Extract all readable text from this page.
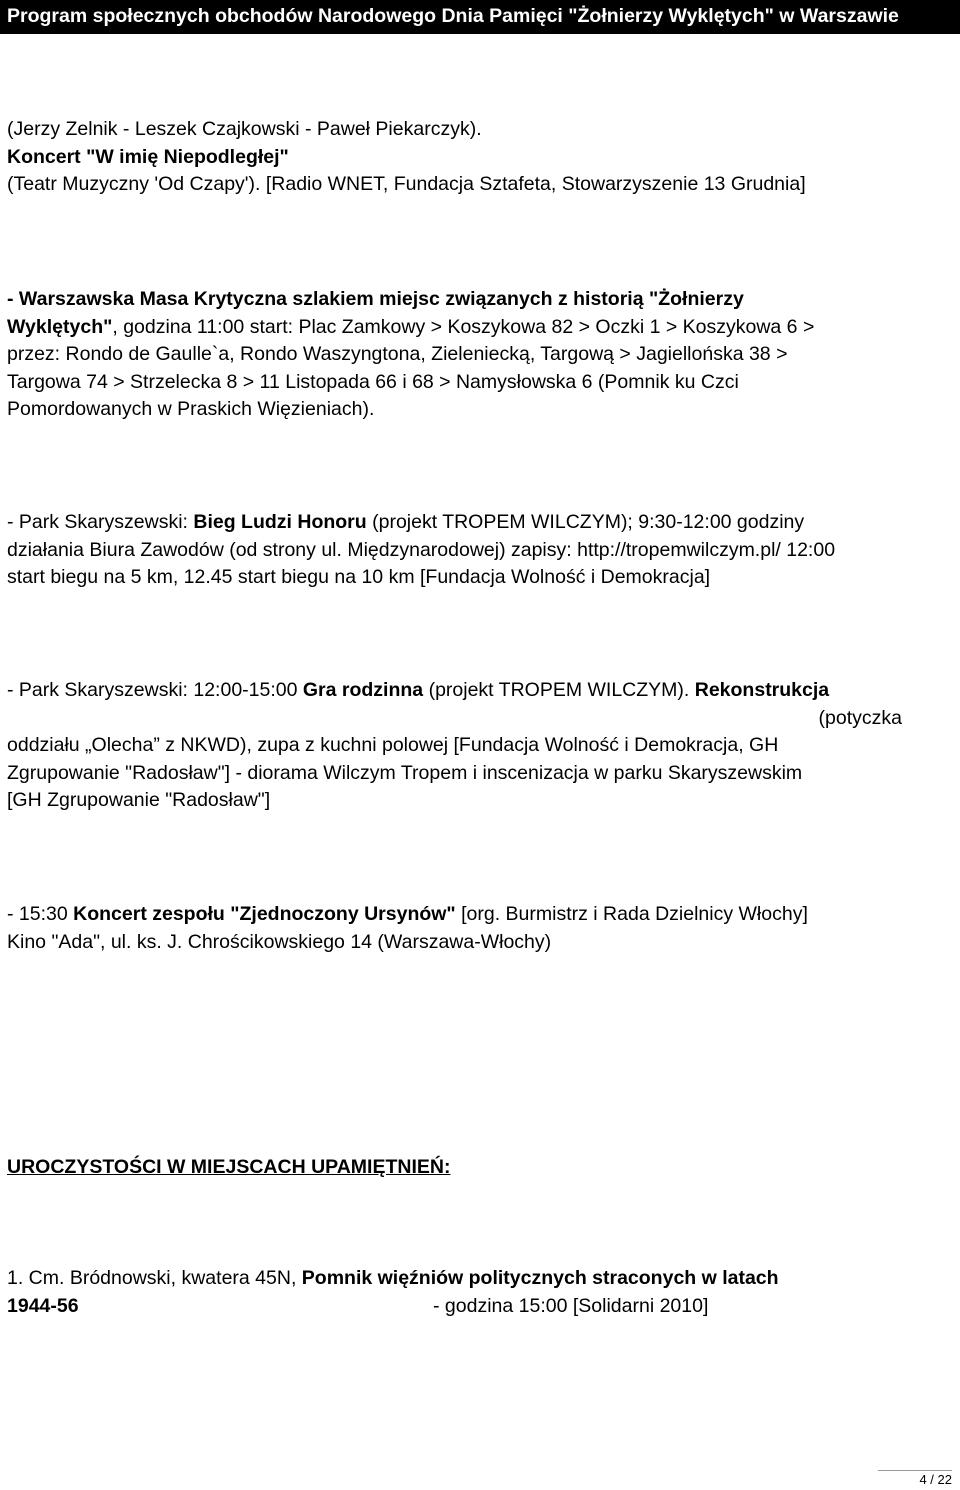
Program społecznych obchodów Narodowego Dnia Pamięci "Żołnierzy Wyklętych" w Warszawie
(Jerzy Zelnik - Leszek Czajkowski - Paweł Piekarczyk).
Koncert "W imię Niepodległej"
(Teatr Muzyczny 'Od Czapy'). [Radio WNET, Fundacja Sztafeta, Stowarzyszenie 13 Grudnia]
- Warszawska Masa Krytyczna szlakiem miejsc związanych z historią "Żołnierzy
Wyklętych", godzina 11:00 start: Plac Zamkowy > Koszykowa 82 > Oczki 1 > Koszykowa 6 >
przez: Rondo de Gaulle`a, Rondo Waszyngtona, Zieleniecką, Targową > Jagiellońska 38 >
Targowa 74 > Strzelecka 8 > 11 Listopada 66 i 68 > Namysłowska 6 (Pomnik ku Czci
Pomordowanych w Praskich Więzieniach).
- Park Skaryszewski: Bieg Ludzi Honoru (projekt TROPEM WILCZYM); 9:30-12:00 godziny
działania Biura Zawodów (od strony ul. Międzynarodowej) zapisy: http://tropemwilczym.pl/ 12:00
start biegu na 5 km, 12.45 start biegu na 10 km [Fundacja Wolność i Demokracja]
- Park Skaryszewski: 12:00-15:00 Gra rodzinna (projekt TROPEM WILCZYM). Rekonstrukcja
(potyczka
oddziału „Olecha” z NKWD), zupa z kuchni polowej [Fundacja Wolność i Demokracja, GH
Zgrupowanie "Radosław"] - diorama Wilczym Tropem i inscenizacja w parku Skaryszewskim
[GH Zgrupowanie "Radosław"]
- 15:30 Koncert zespołu "Zjednoczony Ursynów" [org. Burmistrz i Rada Dzielnicy Włochy]
Kino "Ada", ul. ks. J. Chrościkowskiego 14 (Warszawa-Włochy)
UROCZYSTOŚCI W MIEJSCACH UPAMIĘTNIEŃ:
1. Cm. Bródnowski, kwatera 45N, Pomnik więźniów politycznych straconych w latach
1944-56	- godzina 15:00 [Solidarni 2010]
4 / 22
